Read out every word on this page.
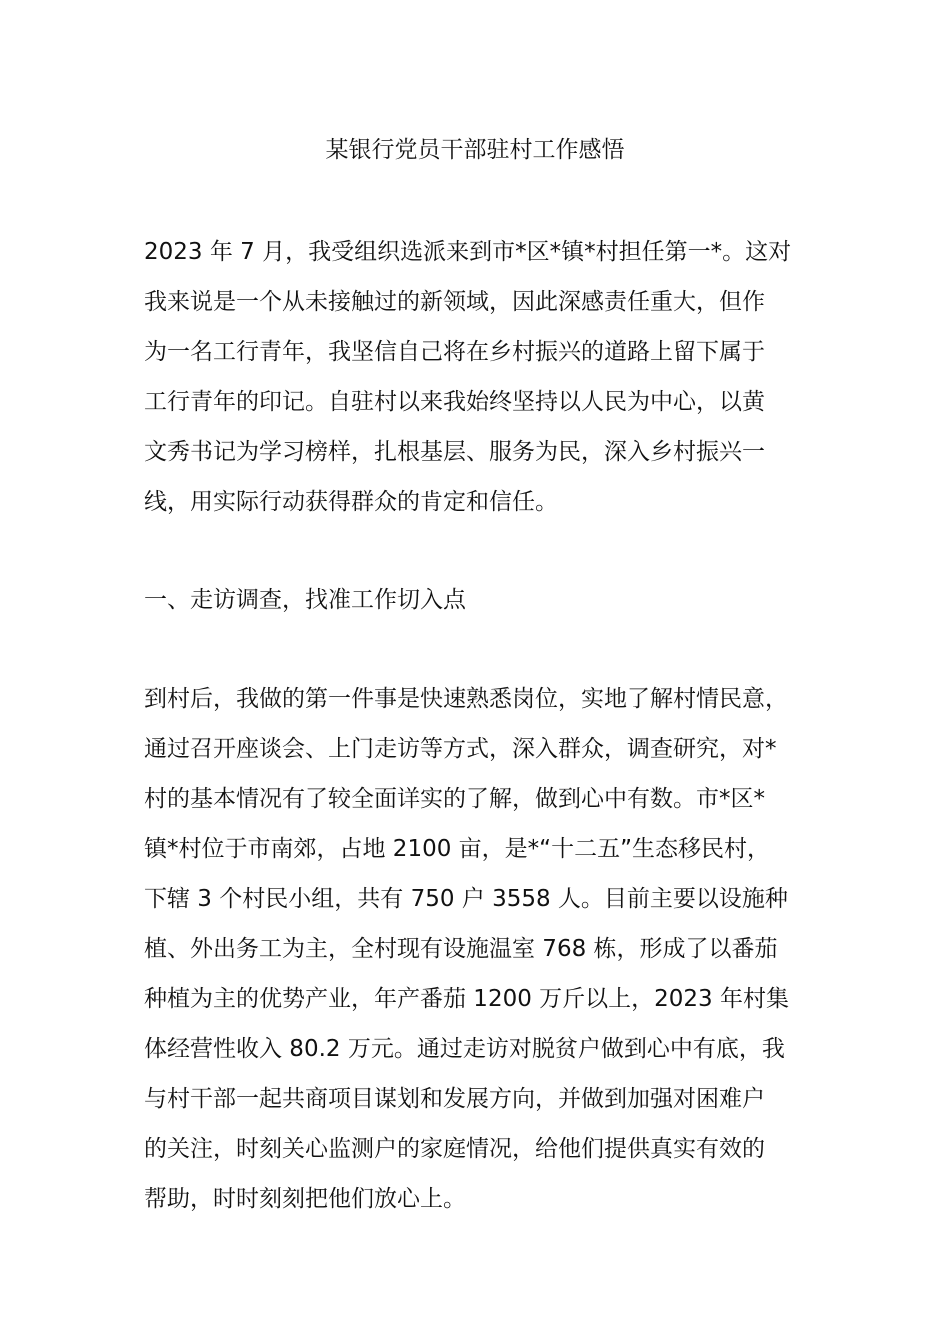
某银行党员干部驻村工作感悟

2023 年 7 月，我受组织选派来到市*区*镇*村担任第一*。这对
我来说是一个从未接触过的新领域，因此深感责任重大，但作
为一名工行青年，我坚信自己将在乡村振兴的道路上留下属于
工行青年的印记。自驻村以来我始终坚持以人民为中心，以黄
文秀书记为学习榜样，扎根基层、服务为民，深入乡村振兴一
线，用实际行动获得群众的肯定和信任。

一、走访调查，找准工作切入点

到村后，我做的第一件事是快速熟悉岗位，实地了解村情民意，
通过召开座谈会、上门走访等方式，深入群众，调查研究，对*
村的基本情况有了较全面详实的了解，做到心中有数。市*区*
镇*村位于市南郊，占地 2100 亩，是*“十二五”生态移民村，
下辖 3 个村民小组，共有 750 户 3558 人。目前主要以设施种
植、外出务工为主，全村现有设施温室 768 栋，形成了以番茄
种植为主的优势产业，年产番茄 1200 万斤以上，2023 年村集
体经营性收入 80.2 万元。通过走访对脱贫户做到心中有底，我
与村干部一起共商项目谋划和发展方向，并做到加强对困难户
的关注，时刻关心监测户的家庭情况，给他们提供真实有效的
帮助，时时刻刻把他们放心上。
